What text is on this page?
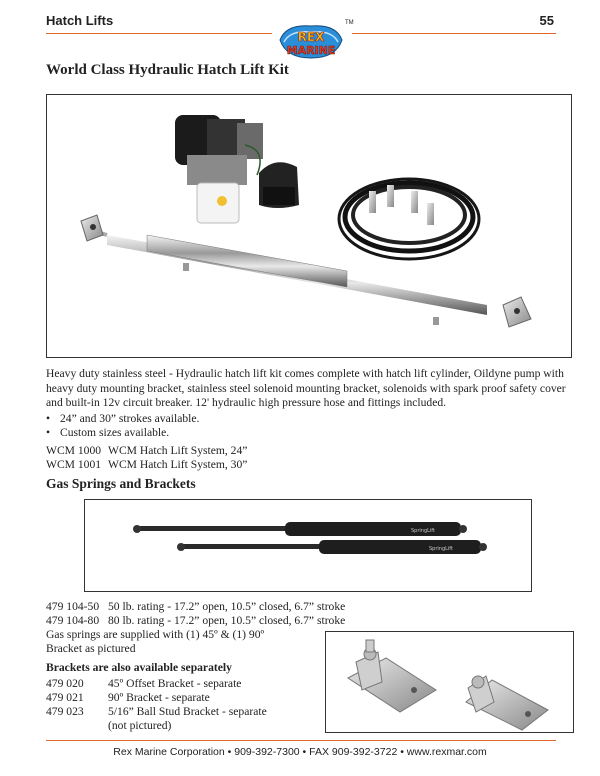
Hatch Lifts	55
REX
MARINE
TM
World Class Hydraulic Hatch Lift Kit
Heavy duty stainless steel - Hydraulic hatch lift kit comes complete with hatch lift cylinder, Oildyne pump with heavy duty mounting bracket, stainless steel solenoid mounting bracket, solenoids with spark proof safety cover and built-in 12v circuit breaker. 12' hydraulic high pressure hose and fittings included.
• 24” and 30” strokes available.
• Custom sizes available.
WCM 1000 WCM Hatch Lift System, 24”
WCM 1001 WCM Hatch Lift System, 30”
Gas Springs and Brackets
SpringLift
SpringLift
479 104-50 50 lb. rating - 17.2” open, 10.5” closed, 6.7” stroke
479 104-80 80 lb. rating - 17.2” open, 10.5” closed, 6.7” stroke
Gas springs are supplied with (1) 45º & (1) 90º
Bracket as pictured
Brackets are also available separately
479 020 45º Offset Bracket - separate
479 021 90º Bracket - separate
479 023 5/16” Ball Stud Bracket - separate
(not pictured)
Rex Marine Corporation • 909-392-7300 • FAX 909-392-3722 • www.rexmar.com
